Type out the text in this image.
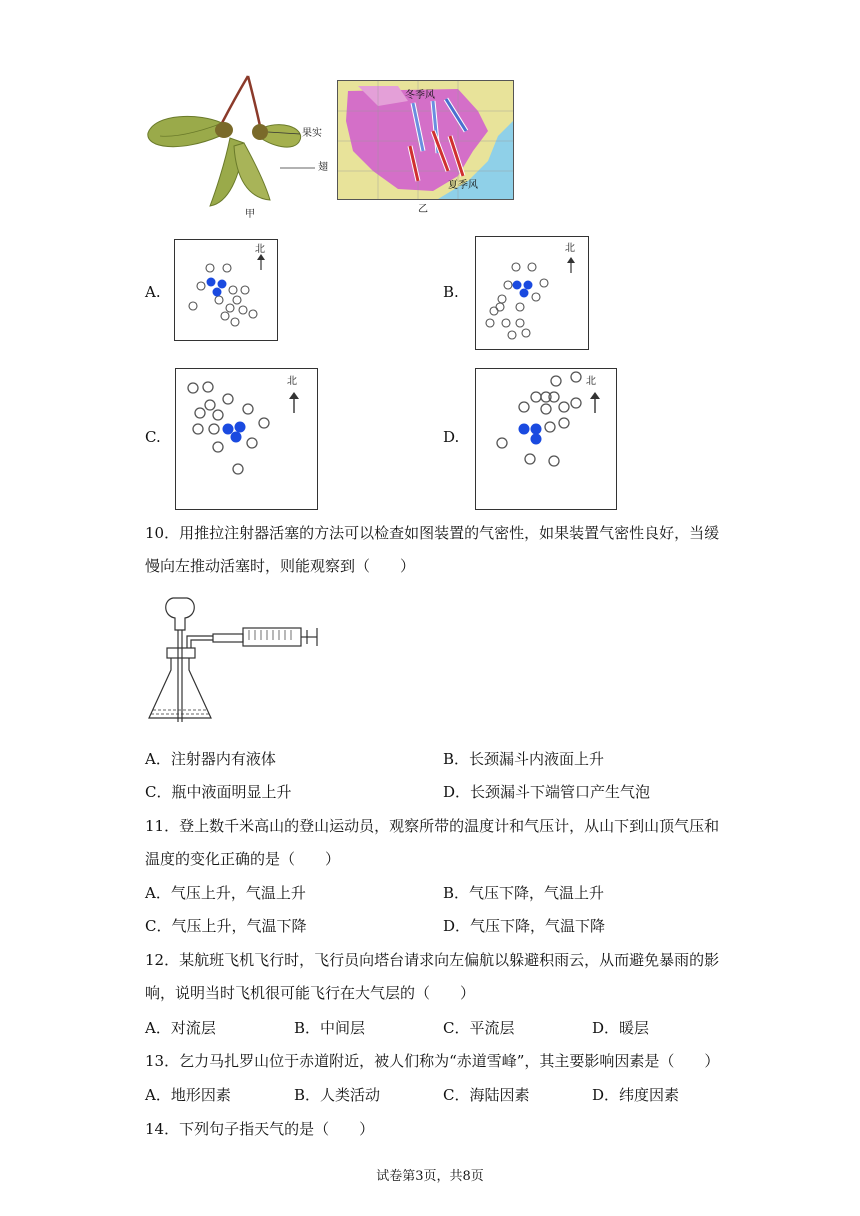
果实
翅
甲
冬季风
夏季风
乙
A.
北
B.
北
C.
北
D.
北
10．用推拉注射器活塞的方法可以检查如图装置的气密性，如果装置气密性良好，当缓
慢向左推动活塞时，则能观察到（　　）
A．注射器内有液体	B．长颈漏斗内液面上升
C．瓶中液面明显上升	D．长颈漏斗下端管口产生气泡
11．登上数千米高山的登山运动员，观察所带的温度计和气压计，从山下到山顶气压和
温度的变化正确的是（　　）
A．气压上升，气温上升	B．气压下降，气温上升
C．气压上升，气温下降	D．气压下降，气温下降
12．某航班飞机飞行时，飞行员向塔台请求向左偏航以躲避积雨云，从而避免暴雨的影
响，说明当时飞机很可能飞行在大气层的（　　）
A．对流层	B．中间层	C．平流层	D．暖层
13．乞力马扎罗山位于赤道附近，被人们称为“赤道雪峰”，其主要影响因素是（　　）
A．地形因素	B．人类活动	C．海陆因素	D．纬度因素
14．下列句子指天气的是（　　）
试卷第3页，共8页
